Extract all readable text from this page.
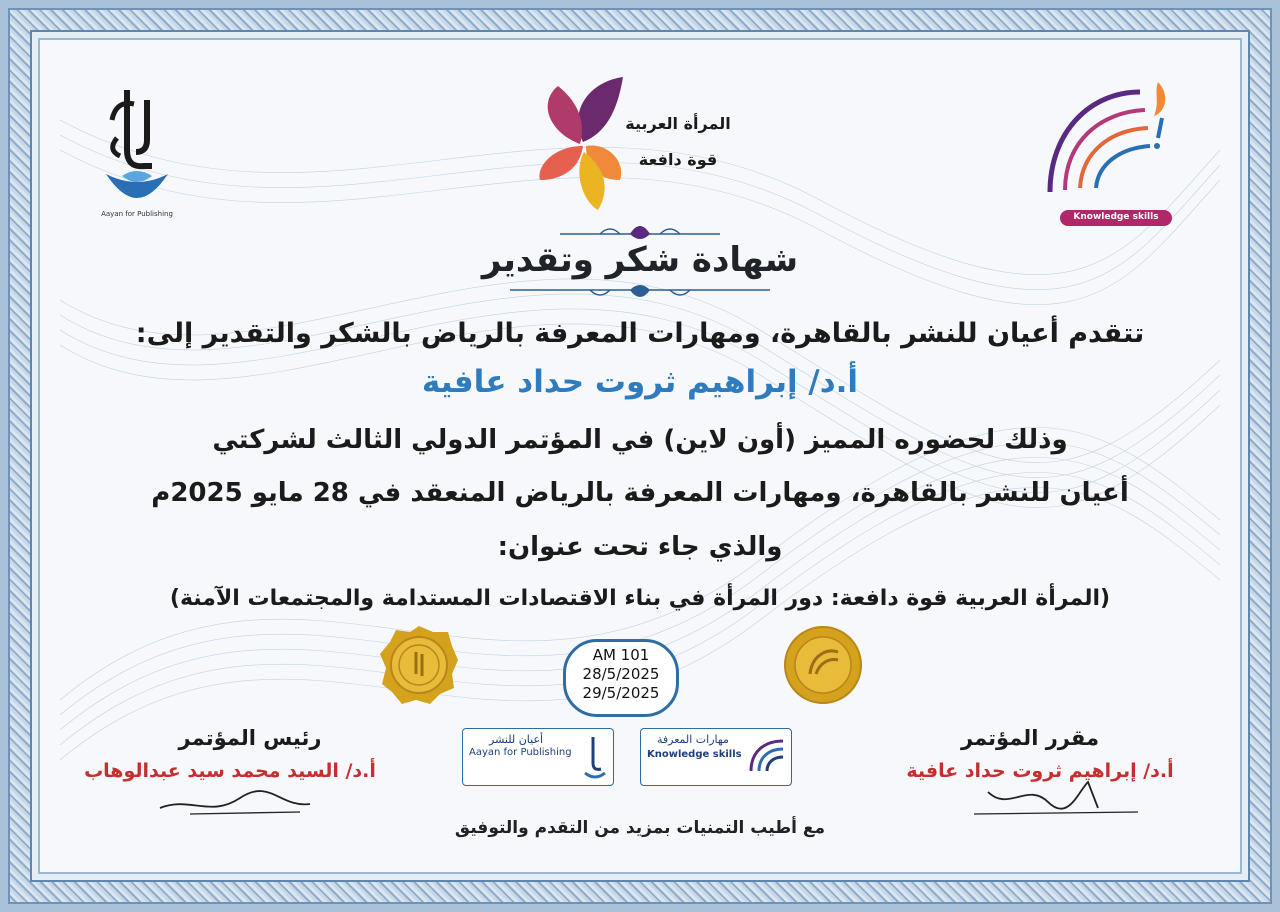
Aayan for Publishing
المرأة العربية
قوة دافعة
Knowledge skills
شهادة شكر وتقدير
تتقدم أعيان للنشر بالقاهرة، ومهارات المعرفة بالرياض بالشكر والتقدير إلى:
أ.د/ إبراهيم ثروت حداد عافية
وذلك لحضوره المميز (أون لاين) في المؤتمر الدولي الثالث لشركتي
أعيان للنشر بالقاهرة، ومهارات المعرفة بالرياض المنعقد في 28 مايو 2025م
والذي جاء تحت عنوان:
(المرأة العربية قوة دافعة: دور المرأة في بناء الاقتصادات المستدامة والمجتمعات الآمنة)
AM 101
28/5/2025
29/5/2025
أعيان للنشر
Aayan for Publishing
مهارات المعرفة
Knowledge skills
رئيس المؤتمر
أ.د/ السيد محمد سيد عبدالوهاب
مقرر المؤتمر
أ.د/ إبراهيم ثروت حداد عافية
مع أطيب التمنيات بمزيد من التقدم والتوفيق
